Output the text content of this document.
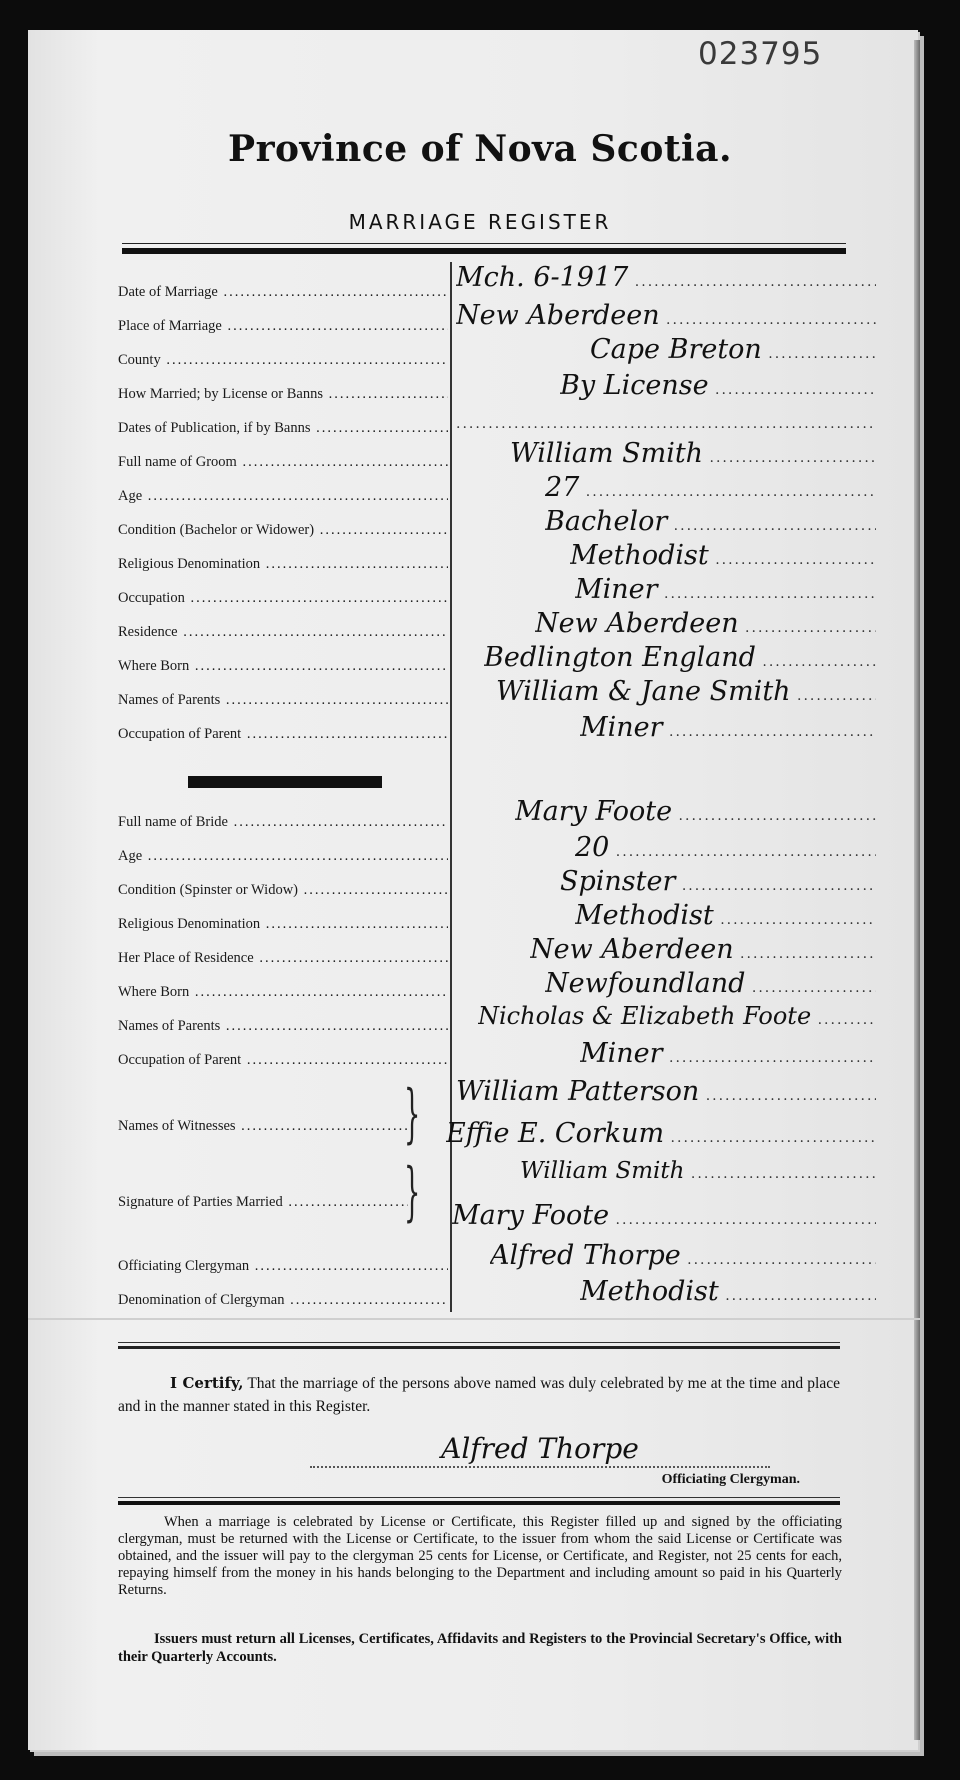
023795
Province of Nova Scotia.
MARRIAGE REGISTER
Date of Marriage .....	Mch. 6-1917 .....
Place of Marriage .....	New Aberdeen .....
County .....	Cape Breton .....
How Married; by License or Banns .....	By License .....
Dates of Publication, if by Banns .....
.....
Full name of Groom .....	William Smith .....
Age .....	27 .....
Condition (Bachelor or Widower) .....	Bachelor .....
Religious Denomination .....	Methodist .....
Occupation .....	Miner .....
Residence .....	New Aberdeen .....
Where Born .....	Bedlington England .....
Names of Parents .....	William & Jane Smith .....
Occupation of Parent .....	Miner .....
Full name of Bride .....	Mary Foote .....
Age .....	20 .....
Condition (Spinster or Widow) .....	Spinster .....
Religious Denomination .....	Methodist .....
Her Place of Residence .....	New Aberdeen .....
Where Born .....	Newfoundland .....
Names of Parents .....	Nicholas & Elizabeth Foote .....
Occupation of Parent .....	Miner .....
Names of Witnesses .....	} William Patterson .....
Effie E. Corkum .....
Signature of Parties Married .....	}	William Smith .....
Mary Foote .....
Officiating Clergyman .....	Alfred Thorpe .....
Denomination of Clergyman .....	Methodist .....
I Certify, That the marriage of the persons above named was duly celebrated by me at the time and place and in the manner stated in this Register.
Alfred Thorpe
Officiating Clergyman.
When a marriage is celebrated by License or Certificate, this Register filled up and signed by the officiating clergyman, must be returned with the License or Certificate, to the issuer from whom the said License or Certificate was obtained, and the issuer will pay to the clergyman 25 cents for License, or Certificate, and Register, not 25 cents for each, repaying himself from the money in his hands belonging to the Department and including amount so paid in his Quarterly Returns.
Issuers must return all Licenses, Certificates, Affidavits and Registers to the Provincial Secretary's Office, with their Quarterly Accounts.
